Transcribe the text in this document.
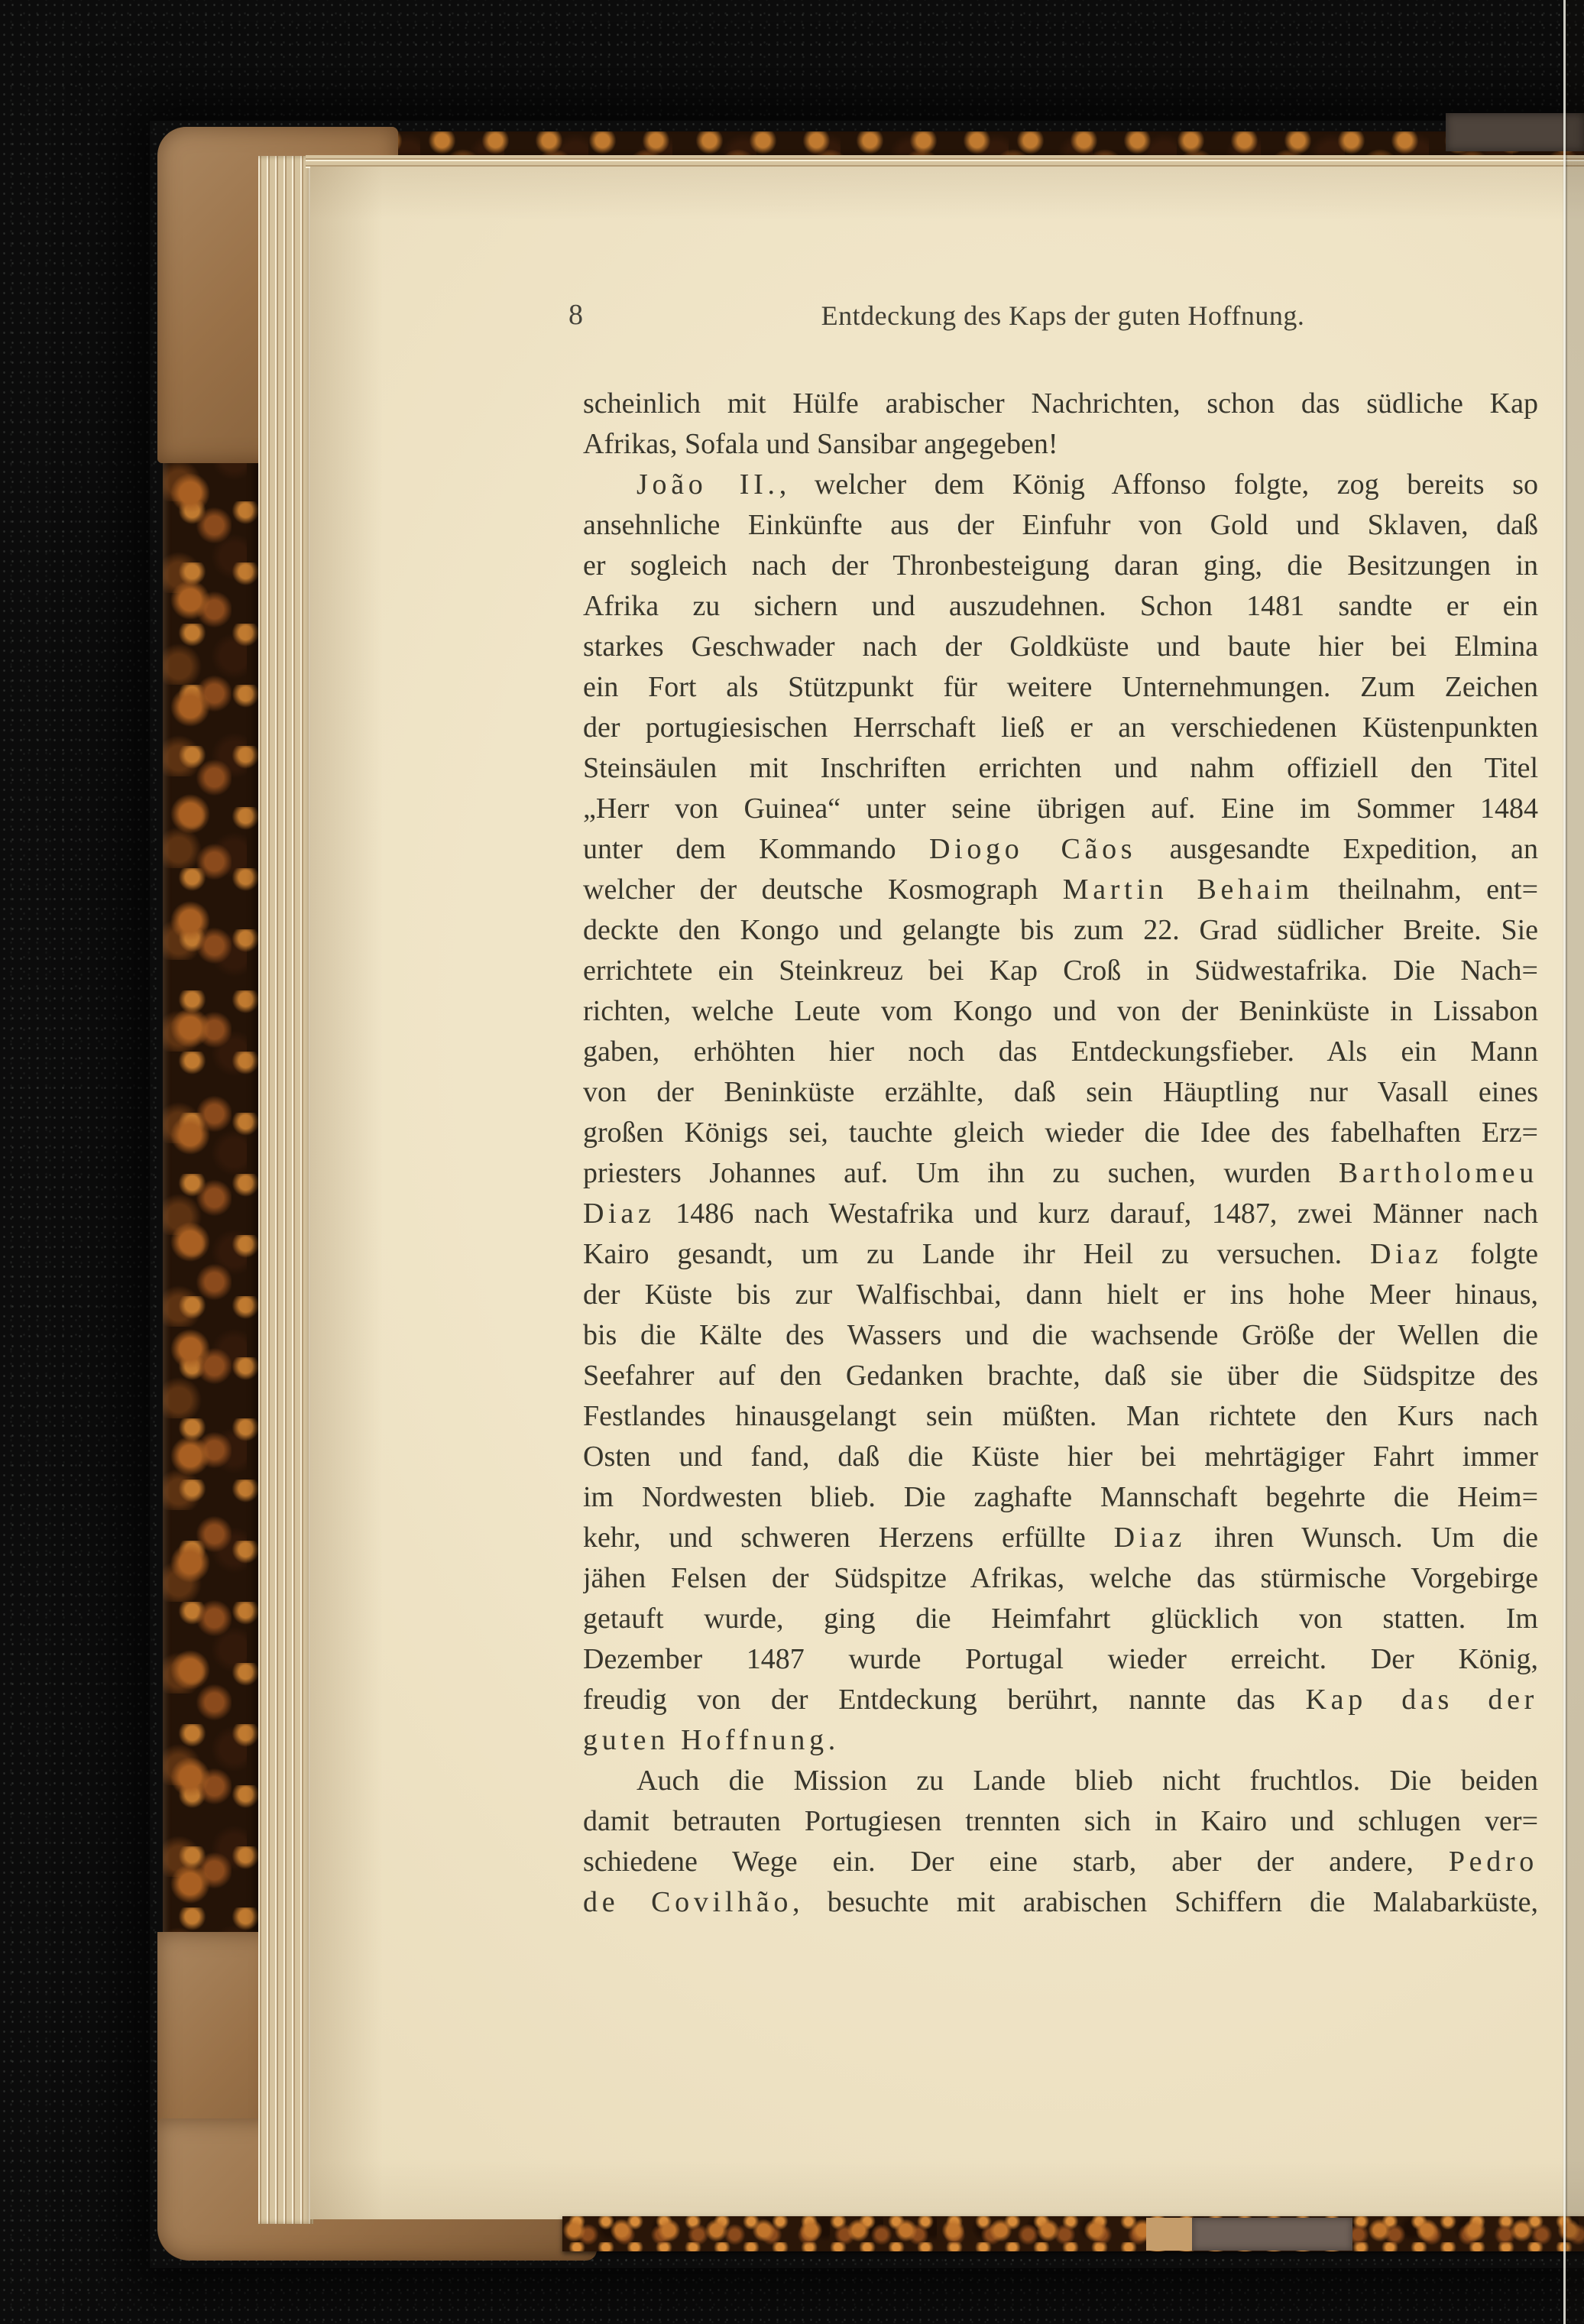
8	Entdeckung des Kaps der guten Hoffnung.
scheinlich mit Hülfe arabischer Nachrichten, schon das südliche Kap
Afrikas, Sofala und Sansibar angegeben!
João II., welcher dem König Affonso folgte, zog bereits so
ansehnliche Einkünfte aus der Einfuhr von Gold und Sklaven, daß
er sogleich nach der Thronbesteigung daran ging, die Besitzungen in
Afrika zu sichern und auszudehnen. Schon 1481 sandte er ein
starkes Geschwader nach der Goldküste und baute hier bei Elmina
ein Fort als Stützpunkt für weitere Unternehmungen. Zum Zeichen
der portugiesischen Herrschaft ließ er an verschiedenen Küstenpunkten
Steinsäulen mit Inschriften errichten und nahm offiziell den Titel
„Herr von Guinea“ unter seine übrigen auf. Eine im Sommer 1484
unter dem Kommando Diogo Cãos ausgesandte Expedition, an
welcher der deutsche Kosmograph Martin Behaim theilnahm, ent=
deckte den Kongo und gelangte bis zum 22. Grad südlicher Breite. Sie
errichtete ein Steinkreuz bei Kap Croß in Südwestafrika. Die Nach=
richten, welche Leute vom Kongo und von der Beninküste in Lissabon
gaben, erhöhten hier noch das Entdeckungsfieber. Als ein Mann
von der Beninküste erzählte, daß sein Häuptling nur Vasall eines
großen Königs sei, tauchte gleich wieder die Idee des fabelhaften Erz=
priesters Johannes auf. Um ihn zu suchen, wurden Bartholomeu
Diaz 1486 nach Westafrika und kurz darauf, 1487, zwei Männer nach
Kairo gesandt, um zu Lande ihr Heil zu versuchen. Diaz folgte
der Küste bis zur Walfischbai, dann hielt er ins hohe Meer hinaus,
bis die Kälte des Wassers und die wachsende Größe der Wellen die
Seefahrer auf den Gedanken brachte, daß sie über die Südspitze des
Festlandes hinausgelangt sein müßten. Man richtete den Kurs nach
Osten und fand, daß die Küste hier bei mehrtägiger Fahrt immer
im Nordwesten blieb. Die zaghafte Mannschaft begehrte die Heim=
kehr, und schweren Herzens erfüllte Diaz ihren Wunsch. Um die
jähen Felsen der Südspitze Afrikas, welche das stürmische Vorgebirge
getauft wurde, ging die Heimfahrt glücklich von statten. Im
Dezember 1487 wurde Portugal wieder erreicht. Der König,
freudig von der Entdeckung berührt, nannte das Kap das der
guten Hoffnung.
Auch die Mission zu Lande blieb nicht fruchtlos. Die beiden
damit betrauten Portugiesen trennten sich in Kairo und schlugen ver=
schiedene Wege ein. Der eine starb, aber der andere, Pedro
de Covilhão, besuchte mit arabischen Schiffern die Malabarküste,
